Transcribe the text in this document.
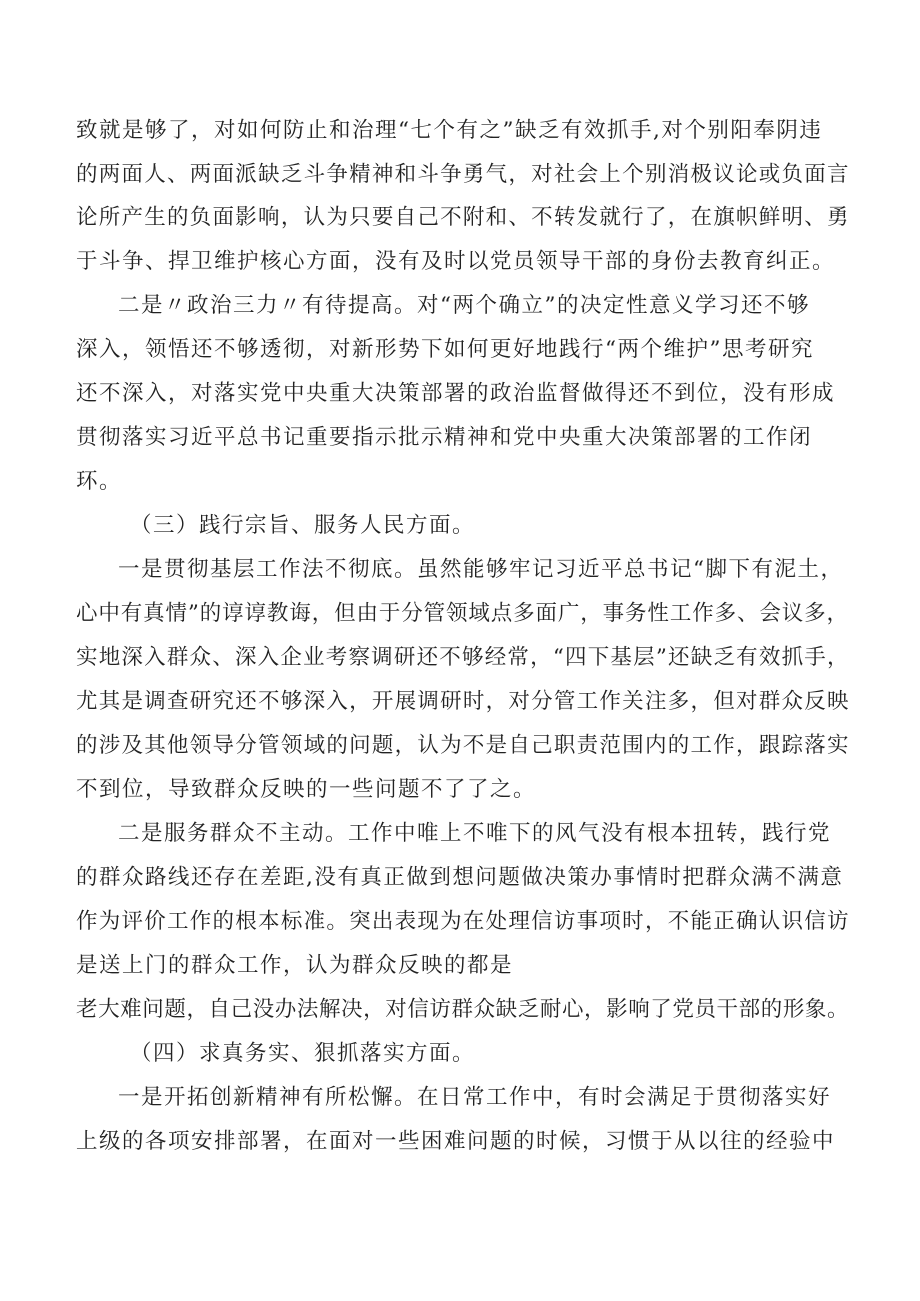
致就是够了，对如何防止和治理“七个有之”缺乏有效抓手,对个别阳奉阴违
的两面人、两面派缺乏斗争精神和斗争勇气，对社会上个别消极议论或负面言
论所产生的负面影响，认为只要自己不附和、不转发就行了，在旗帜鲜明、勇
于斗争、捍卫维护核心方面，没有及时以党员领导干部的身份去教育纠正。
二是〃政治三力〃有待提高。对“两个确立”的决定性意义学习还不够
深入，领悟还不够透彻，对新形势下如何更好地践行“两个维护”思考研究
还不深入，对落实党中央重大决策部署的政治监督做得还不到位，没有形成
贯彻落实习近平总书记重要指示批示精神和党中央重大决策部署的工作闭
环。
（三）践行宗旨、服务人民方面。
一是贯彻基层工作法不彻底。虽然能够牢记习近平总书记“脚下有泥土，
心中有真情”的谆谆教诲，但由于分管领域点多面广，事务性工作多、会议多，
实地深入群众、深入企业考察调研还不够经常，“四下基层”还缺乏有效抓手，
尤其是调查研究还不够深入，开展调研时，对分管工作关注多，但对群众反映
的涉及其他领导分管领域的问题，认为不是自己职责范围内的工作，跟踪落实
不到位，导致群众反映的一些问题不了了之。
二是服务群众不主动。工作中唯上不唯下的风气没有根本扭转，践行党
的群众路线还存在差距,没有真正做到想问题做决策办事情时把群众满不满意
作为评价工作的根本标准。突出表现为在处理信访事项时，不能正确认识信访
是送上门的群众工作，认为群众反映的都是
老大难问题，自己没办法解决，对信访群众缺乏耐心，影响了党员干部的形象。
（四）求真务实、狠抓落实方面。
一是开拓创新精神有所松懈。在日常工作中，有时会满足于贯彻落实好
上级的各项安排部署，在面对一些困难问题的时候，习惯于从以往的经验中
